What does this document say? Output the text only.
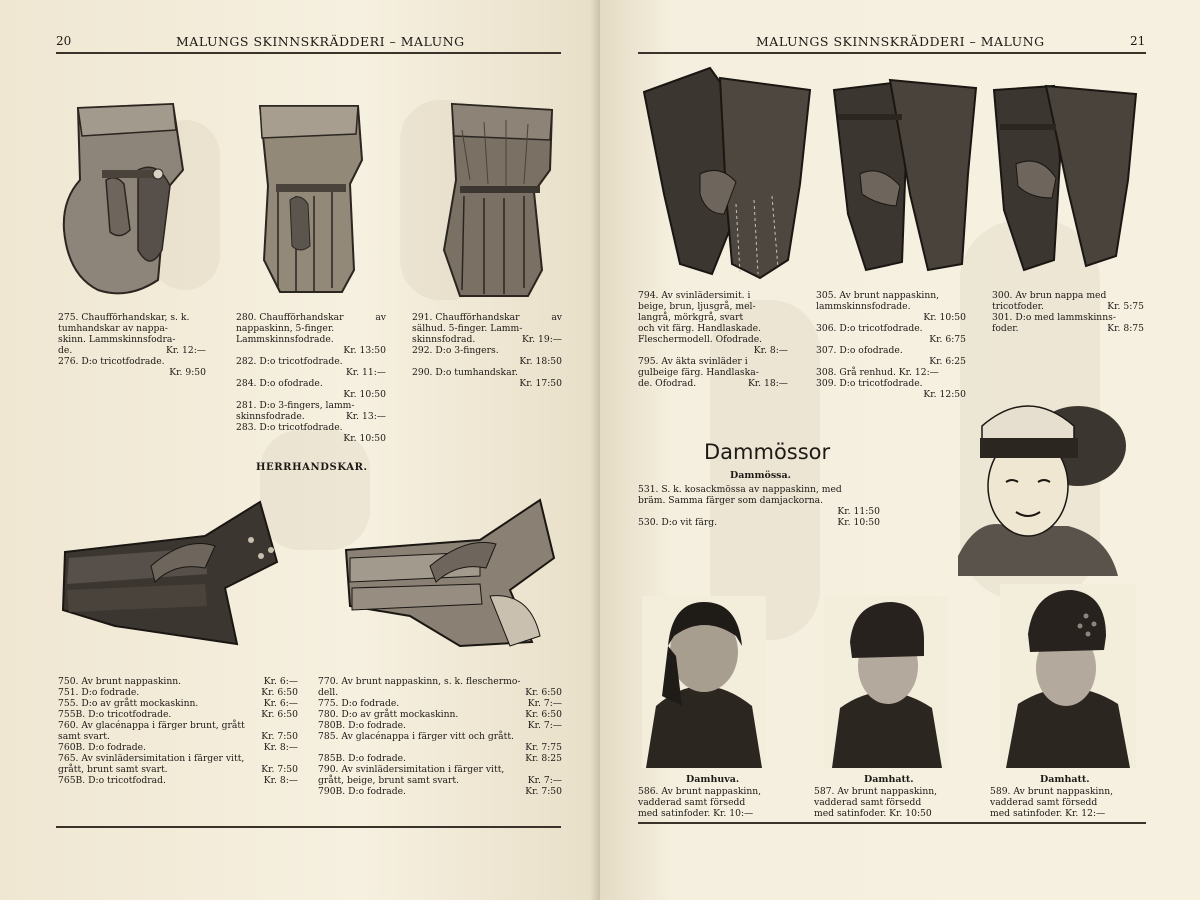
20	MALUNGS SKINNSKRÄDDERI – MALUNG
275. Chaufförhandskar, s. k.
tumhandskar av nappa-
skinn. Lammskinnsfodra-
de.	Kr. 12:—
276. D:o tricotfodrade.
Kr. 9:50
280. Chaufförhandskar	av
nappaskinn, 5-finger.
Lammskinnsfodrade.
Kr. 13:50
282. D:o tricotfodrade.
Kr. 11:—
284. D:o ofodrade.
Kr. 10:50
281. D:o 3-fingers, lamm-
skinnsfodrade.	Kr. 13:—
283. D:o tricotfodrade.
Kr. 10:50
291. Chaufförhandskar	av
sälhud. 5-finger. Lamm-
skinnsfodrad.	Kr. 19:—
292. D:o 3-fingers.
Kr. 18:50
290. D:o tumhandskar.
Kr. 17:50
HERRHANDSKAR.
750. Av brunt nappaskinn.	Kr. 6:—
751. D:o fodrade.	Kr. 6:50
755. D:o av grått mockaskinn.	Kr. 6:—
755B. D:o tricotfodrade.	Kr. 6:50
760. Av glacénappa i färger brunt, grått
samt svart.	Kr. 7:50
760B. D:o fodrade.	Kr. 8:—
765. Av svinlädersimitation i färger vitt,
grått, brunt samt svart.	Kr. 7:50
765B. D:o tricotfodrad.	Kr. 8:—
770. Av brunt nappaskinn, s. k. fleschermo-
dell.	Kr. 6:50
775. D:o fodrade.	Kr. 7:—
780. D:o av grått mockaskinn.	Kr. 6:50
780B. D:o fodrade.	Kr. 7:—
785. Av glacénappa i färger vitt och grått.
Kr. 7:75
785B. D:o fodrade.	Kr. 8:25
790. Av svinlädersimitation i färger vitt,
grått, beige, brunt samt svart.	Kr. 7:—
790B. D:o fodrade.	Kr. 7:50
MALUNGS SKINNSKRÄDDERI – MALUNG	21
794. Av svinlädersimit. i
beige, brun, ljusgrå, mel-
langrå, mörkgrå, svart
och vit färg. Handlaskade.
Fleschermodell. Ofodrade.
Kr. 8:—
795. Av äkta svinläder i
gulbeige färg. Handlaska-
de. Ofodrad.	Kr. 18:—
305. Av brunt nappaskinn,
lammskinnsfodrade.
Kr. 10:50
306. D:o tricotfodrade.
Kr. 6:75
307. D:o ofodrade.
Kr. 6:25
308. Grå renhud. Kr. 12:—
309. D:o tricotfodrade.
Kr. 12:50
300. Av brun nappa med
tricotfoder.	Kr. 5:75
301. D:o med lammskinns-
foder.	Kr. 8:75
Dammössor
Dammössa.
531. S. k. kosackmössa av nappaskinn, med
bräm. Samma färger som damjackorna.
Kr. 11:50
530. D:o vit färg.	Kr. 10:50
Damhuva.	Damhatt.	Damhatt.
586. Av brunt nappaskinn,
vadderad samt försedd
med satinfoder. Kr. 10:—
587. Av brunt nappaskinn,
vadderad samt försedd
med satinfoder. Kr. 10:50
589. Av brunt nappaskinn,
vadderad samt försedd
med satinfoder. Kr. 12:—
